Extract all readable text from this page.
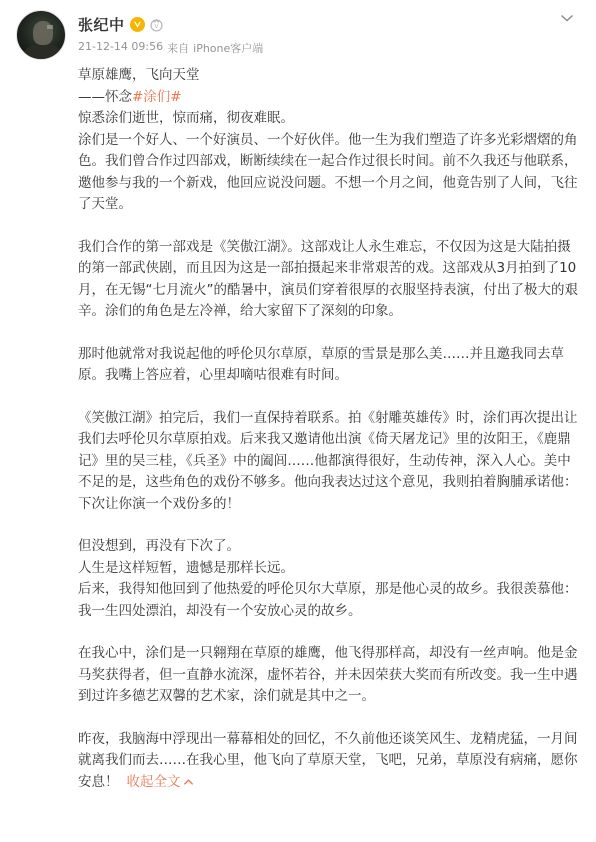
张纪中	V
21-12-14 09:56 来自 iPhone客户端

草原雄鹰，飞向天堂

——怀念#涂们#

惊悉涂们逝世，惊而痛，彻夜难眠。

涂们是一个好人、一个好演员、一个好伙伴。他一生为我们塑造了许多光彩熠熠的角色。我们曾合作过四部戏，断断续续在一起合作过很长时间。前不久我还与他联系，邀他参与我的一个新戏，他回应说没问题。不想一个月之间，他竟告别了人间，飞往了天堂。

我们合作的第一部戏是《笑傲江湖》。这部戏让人永生难忘，不仅因为这是大陆拍摄的第一部武侠剧，而且因为这是一部拍摄起来非常艰苦的戏。这部戏从3月拍到了10月，在无锡“七月流火”的酷暑中，演员们穿着很厚的衣服坚持表演，付出了极大的艰辛。涂们的角色是左冷禅，给大家留下了深刻的印象。

那时他就常对我说起他的呼伦贝尔草原，草原的雪景是那么美……并且邀我同去草原。我嘴上答应着，心里却嘀咕很难有时间。

《笑傲江湖》拍完后，我们一直保持着联系。拍《射雕英雄传》时，涂们再次提出让我们去呼伦贝尔草原拍戏。后来我又邀请他出演《倚天屠龙记》里的汝阳王，《鹿鼎记》里的吴三桂，《兵圣》中的阖闾……他都演得很好，生动传神，深入人心。美中不足的是，这些角色的戏份不够多。他向我表达过这个意见，我则拍着胸脯承诺他：下次让你演一个戏份多的！

但没想到，再没有下次了。

人生是这样短暂，遗憾是那样长远。

后来，我得知他回到了他热爱的呼伦贝尔大草原，那是他心灵的故乡。我很羡慕他：我一生四处漂泊，却没有一个安放心灵的故乡。

在我心中，涂们是一只翱翔在草原的雄鹰，他飞得那样高，却没有一丝声响。他是金马奖获得者，但一直静水流深，虚怀若谷，并未因荣获大奖而有所改变。我一生中遇到过许多德艺双馨的艺术家，涂们就是其中之一。

昨夜，我脑海中浮现出一幕幕相处的回忆，不久前他还谈笑风生、龙精虎猛，一月间就离我们而去……在我心里，他飞向了草原天堂，飞吧，兄弟，草原没有病痛，愿你安息！ 收起全文
